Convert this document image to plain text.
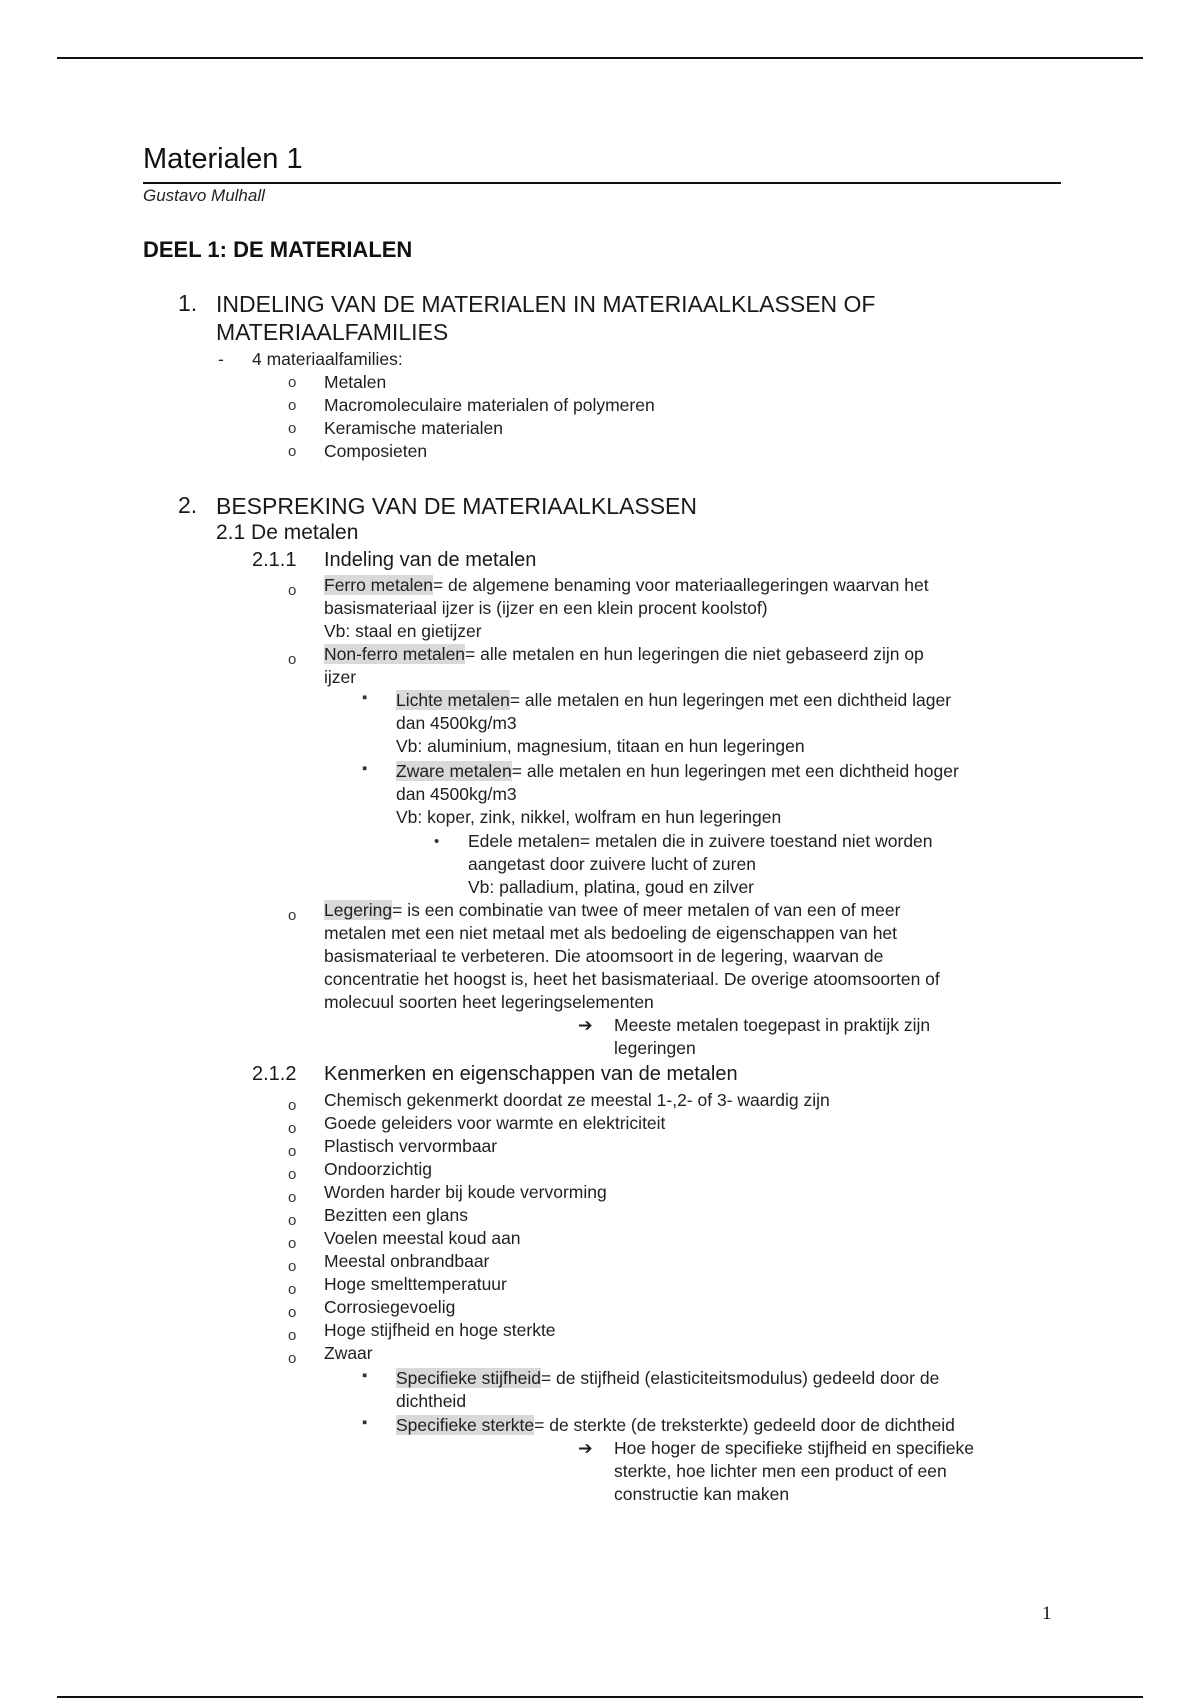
Materialen 1
Gustavo Mulhall
DEEL 1: DE MATERIALEN
1. INDELING VAN DE MATERIALEN IN MATERIAALKLASSEN OF
MATERIAALFAMILIES
- 4 materiaalfamilies:
o Metalen
o Macromoleculaire materialen of polymeren
o Keramische materialen
o Composieten
2. BESPREKING VAN DE MATERIAALKLASSEN
2.1 De metalen
2.1.1 Indeling van de metalen
o Ferro metalen= de algemene benaming voor materiaallegeringen waarvan het
basismateriaal ijzer is (ijzer en een klein procent koolstof)
Vb: staal en gietijzer
o Non-ferro metalen= alle metalen en hun legeringen die niet gebaseerd zijn op
ijzer
▪ Lichte metalen= alle metalen en hun legeringen met een dichtheid lager
dan 4500kg/m3
Vb: aluminium, magnesium, titaan en hun legeringen
▪ Zware metalen= alle metalen en hun legeringen met een dichtheid hoger
dan 4500kg/m3
Vb: koper, zink, nikkel, wolfram en hun legeringen
• Edele metalen= metalen die in zuivere toestand niet worden
aangetast door zuivere lucht of zuren
Vb: palladium, platina, goud en zilver
o Legering= is een combinatie van twee of meer metalen of van een of meer
metalen met een niet metaal met als bedoeling de eigenschappen van het
basismateriaal te verbeteren. Die atoomsoort in de legering, waarvan de
concentratie het hoogst is, heet het basismateriaal. De overige atoomsoorten of
molecuul soorten heet legeringselementen
➔ Meeste metalen toegepast in praktijk zijn
legeringen
2.1.2 Kenmerken en eigenschappen van de metalen
o Chemisch gekenmerkt doordat ze meestal 1-,2- of 3- waardig zijn
o Goede geleiders voor warmte en elektriciteit
o Plastisch vervormbaar
o Ondoorzichtig
o Worden harder bij koude vervorming
o Bezitten een glans
o Voelen meestal koud aan
o Meestal onbrandbaar
o Hoge smelttemperatuur
o Corrosiegevoelig
o Hoge stijfheid en hoge sterkte
o Zwaar
▪ Specifieke stijfheid= de stijfheid (elasticiteitsmodulus) gedeeld door de
dichtheid
▪ Specifieke sterkte= de sterkte (de treksterkte) gedeeld door de dichtheid
➔ Hoe hoger de specifieke stijfheid en specifieke
sterkte, hoe lichter men een product of een
constructie kan maken
1
